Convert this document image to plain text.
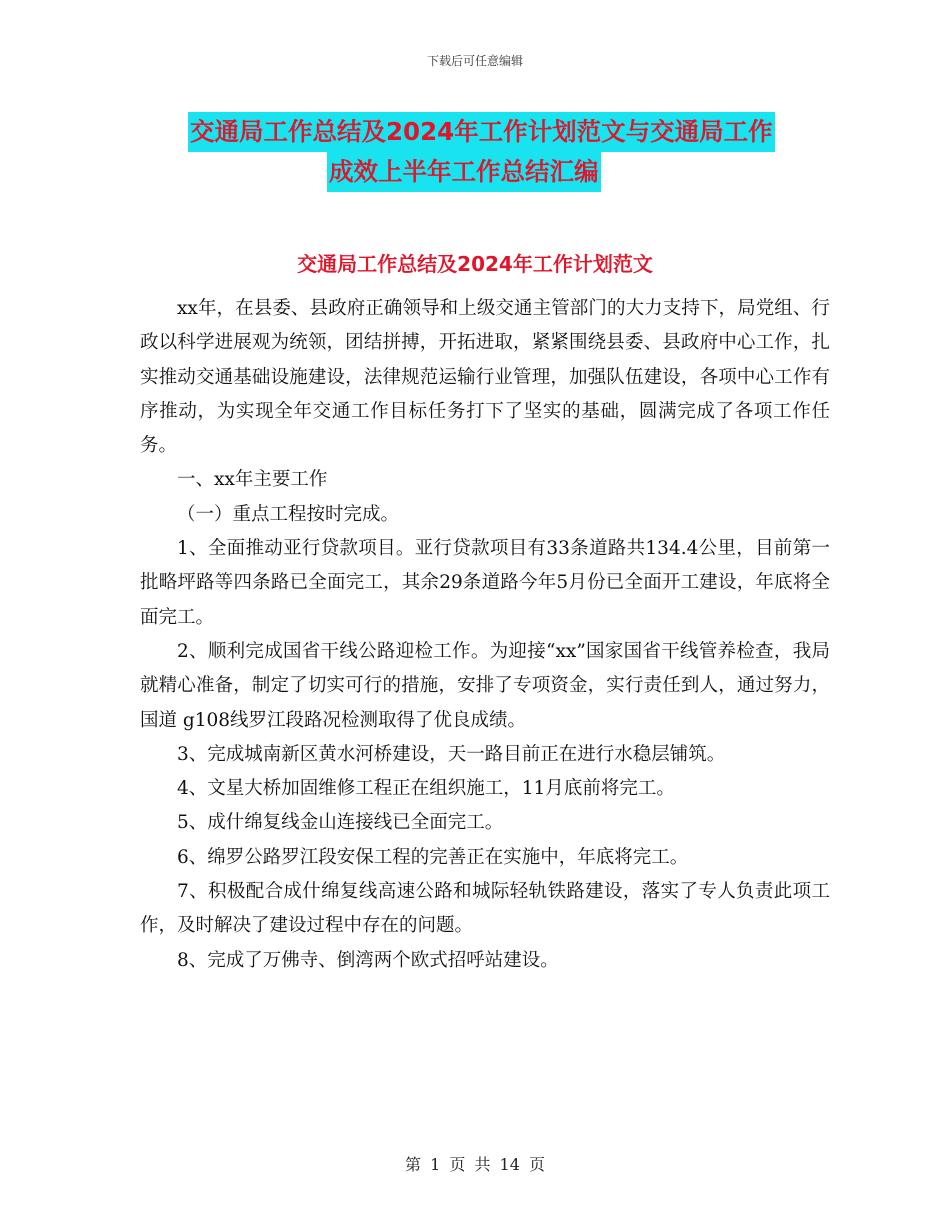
下载后可任意编辑
交通局工作总结及2024年工作计划范文与交通局工作
成效上半年工作总结汇编
交通局工作总结及2024年工作计划范文

xx年，在县委、县政府正确领导和上级交通主管部门的大力支持下，局党组、行政以科学进展观为统领，团结拼搏，开拓进取，紧紧围绕县委、县政府中心工作，扎实推动交通基础设施建设，法律规范运输行业管理，加强队伍建设，各项中心工作有序推动，为实现全年交通工作目标任务打下了坚实的基础，圆满完成了各项工作任务。

一、xx年主要工作

（一）重点工程按时完成。

1、全面推动亚行贷款项目。亚行贷款项目有33条道路共134.4公里，目前第一批略坪路等四条路已全面完工，其余29条道路今年5月份已全面开工建设，年底将全面完工。

2、顺利完成国省干线公路迎检工作。为迎接“xx”国家国省干线管养检查，我局就精心准备，制定了切实可行的措施，安排了专项资金，实行责任到人，通过努力，国道 g108线罗江段路况检测取得了优良成绩。

3、完成城南新区黄水河桥建设，天一路目前正在进行水稳层铺筑。

4、文星大桥加固维修工程正在组织施工，11月底前将完工。

5、成什绵复线金山连接线已全面完工。

6、绵罗公路罗江段安保工程的完善正在实施中，年底将完工。

7、积极配合成什绵复线高速公路和城际轻轨铁路建设，落实了专人负责此项工作，及时解决了建设过程中存在的问题。

8、完成了万佛寺、倒湾两个欧式招呼站建设。

第 1 页 共 14 页
